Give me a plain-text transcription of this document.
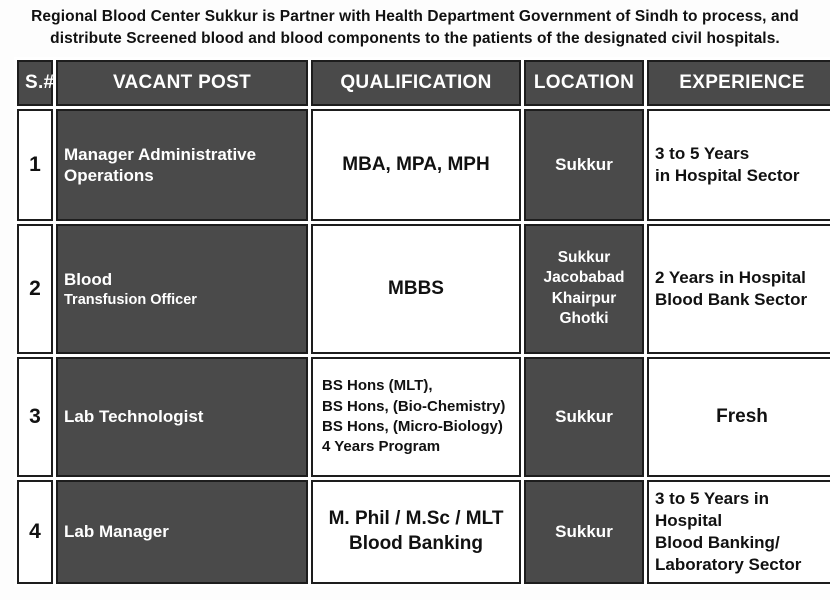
Regional Blood Center Sukkur is Partner with Health Department Government of Sindh to process, and
distribute Screened blood and blood components to the patients of the designated civil hospitals.
S.#	VACANT POST	QUALIFICATION	LOCATION	EXPERIENCE
1	Manager Administrative
Operations	MBA, MPA, MPH	Sukkur	3 to 5 Years
in Hospital Sector

2	Blood
Transfusion Officer	MBBS	Sukkur
Jacobabad
Khairpur
Ghotki	2 Years in Hospital
Blood Bank Sector

3	Lab Technologist	BS Hons (MLT),
BS Hons, (Bio-Chemistry)
BS Hons, (Micro-Biology)
4 Years Program	Sukkur	Fresh
4	Lab Manager	M. Phil / M.Sc / MLT
Blood Banking	Sukkur	3 to 5 Years in Hospital
Blood Banking/
Laboratory Sector
